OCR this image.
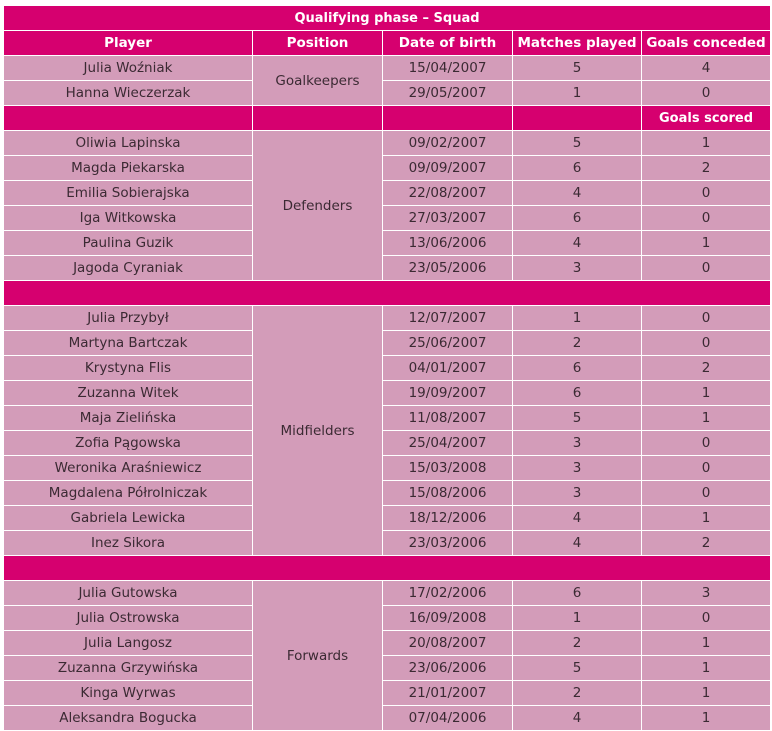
Qualifying phase – Squad				
Player	Position	Date of birth	Matches played	Goals conceded
Julia Woźniak	Goalkeepers	15/04/2007	5	4
Hanna Wieczerzak		29/05/2007	1	0
				Goals scored
Oliwia Lapinska	Defenders	09/02/2007	5	1
Magda Piekarska		09/09/2007	6	2
Emilia Sobierajska		22/08/2007	4	0
Iga Witkowska		27/03/2007	6	0
Paulina Guzik		13/06/2006	4	1
Jagoda Cyraniak		23/05/2006	3	0

Julia Przybył	Midfielders	12/07/2007	1	0
Martyna Bartczak		25/06/2007	2	0
Krystyna Flis		04/01/2007	6	2
Zuzanna Witek		19/09/2007	6	1
Maja Zielińska		11/08/2007	5	1
Zofia Pągowska		25/04/2007	3	0
Weronika Araśniewicz		15/03/2008	3	0
Magdalena Półrolniczak		15/08/2006	3	0
Gabriela Lewicka		18/12/2006	4	1
Inez Sikora		23/03/2006	4	2

Julia Gutowska	Forwards	17/02/2006	6	3
Julia Ostrowska		16/09/2008	1	0
Julia Langosz		20/08/2007	2	1
Zuzanna Grzywińska		23/06/2006	5	1
Kinga Wyrwas		21/01/2007	2	1
Aleksandra Bogucka		07/04/2006	4	1
